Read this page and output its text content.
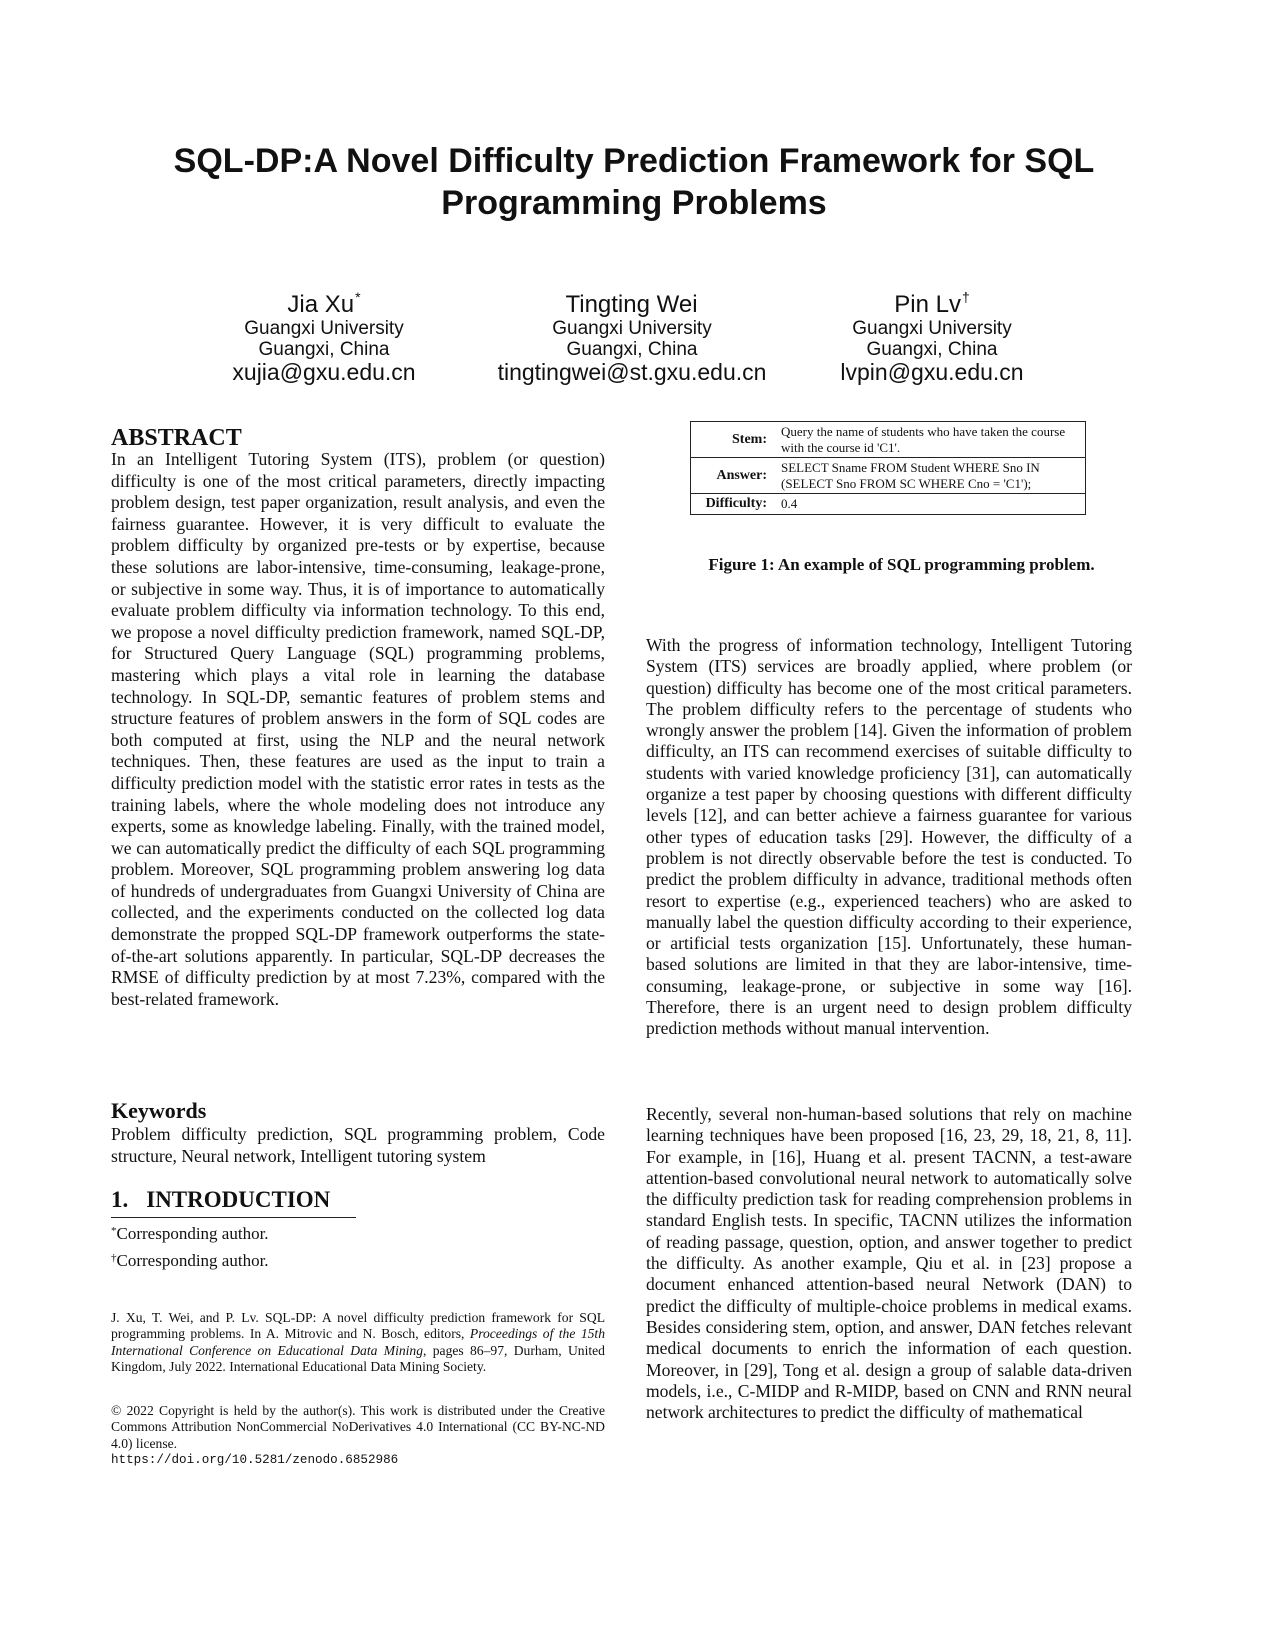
SQL-DP:A Novel Difficulty Prediction Framework for SQL
Programming Problems
Jia Xu*
Guangxi University
Guangxi, China
xujia@gxu.edu.cn
Tingting Wei
Guangxi University
Guangxi, China
tingtingwei@st.gxu.edu.cn
Pin Lv†
Guangxi University
Guangxi, China
lvpin@gxu.edu.cn
ABSTRACT
In an Intelligent Tutoring System (ITS), problem (or question) difficulty is one of the most critical parameters, directly impacting problem design, test paper organization, result analysis, and even the fairness guarantee. However, it is very difficult to evaluate the problem difficulty by organized pre-tests or by expertise, because these solutions are labor-intensive, time-consuming, leakage-prone, or subjective in some way. Thus, it is of importance to automatically evaluate problem difficulty via information technology. To this end, we propose a novel difficulty prediction framework, named SQL-DP, for Structured Query Language (SQL) programming problems, mastering which plays a vital role in learning the database technology. In SQL-DP, semantic features of problem stems and structure features of problem answers in the form of SQL codes are both computed at first, using the NLP and the neural network techniques. Then, these features are used as the input to train a difficulty prediction model with the statistic error rates in tests as the training labels, where the whole modeling does not introduce any experts, some as knowledge labeling. Finally, with the trained model, we can automatically predict the difficulty of each SQL programming problem. Moreover, SQL programming problem answering log data of hundreds of undergraduates from Guangxi University of China are collected, and the experiments conducted on the collected log data demonstrate the propped SQL-DP framework outperforms the state-of-the-art solutions apparently. In particular, SQL-DP decreases the RMSE of difficulty prediction by at most 7.23%, compared with the best-related framework.
Keywords
Problem difficulty prediction, SQL programming problem, Code structure, Neural network, Intelligent tutoring system
1. INTRODUCTION
*Corresponding author.
†Corresponding author.
J. Xu, T. Wei, and P. Lv. SQL-DP: A novel difficulty prediction framework for SQL programming problems. In A. Mitrovic and N. Bosch, editors, Proceedings of the 15th International Conference on Educational Data Mining, pages 86–97, Durham, United Kingdom, July 2022. International Educational Data Mining Society.
© 2022 Copyright is held by the author(s). This work is distributed under the Creative Commons Attribution NonCommercial NoDerivatives 4.0 International (CC BY-NC-ND 4.0) license.
https://doi.org/10.5281/zenodo.6852986
Stem:	Query the name of students who have taken the course with the course id 'C1'.
Answer:	SELECT Sname FROM Student WHERE Sno IN (SELECT Sno FROM SC WHERE Cno = 'C1');
Difficulty:	0.4
Figure 1: An example of SQL programming problem.
With the progress of information technology, Intelligent Tutoring System (ITS) services are broadly applied, where problem (or question) difficulty has become one of the most critical parameters. The problem difficulty refers to the percentage of students who wrongly answer the problem [14]. Given the information of problem difficulty, an ITS can recommend exercises of suitable difficulty to students with varied knowledge proficiency [31], can automatically organize a test paper by choosing questions with different difficulty levels [12], and can better achieve a fairness guarantee for various other types of education tasks [29]. However, the difficulty of a problem is not directly observable before the test is conducted. To predict the problem difficulty in advance, traditional methods often resort to expertise (e.g., experienced teachers) who are asked to manually label the question difficulty according to their experience, or artificial tests organization [15]. Unfortunately, these human-based solutions are limited in that they are labor-intensive, time-consuming, leakage-prone, or subjective in some way [16]. Therefore, there is an urgent need to design problem difficulty prediction methods without manual intervention.
Recently, several non-human-based solutions that rely on machine learning techniques have been proposed [16, 23, 29, 18, 21, 8, 11]. For example, in [16], Huang et al. present TACNN, a test-aware attention-based convolutional neural network to automatically solve the difficulty prediction task for reading comprehension problems in standard English tests. In specific, TACNN utilizes the information of reading passage, question, option, and answer together to predict the difficulty. As another example, Qiu et al. in [23] propose a document enhanced attention-based neural Network (DAN) to predict the difficulty of multiple-choice problems in medical exams. Besides considering stem, option, and answer, DAN fetches relevant medical documents to enrich the information of each question. Moreover, in [29], Tong et al. design a group of salable data-driven models, i.e., C-MIDP and R-MIDP, based on CNN and RNN neural network architectures to predict the difficulty of mathematical
